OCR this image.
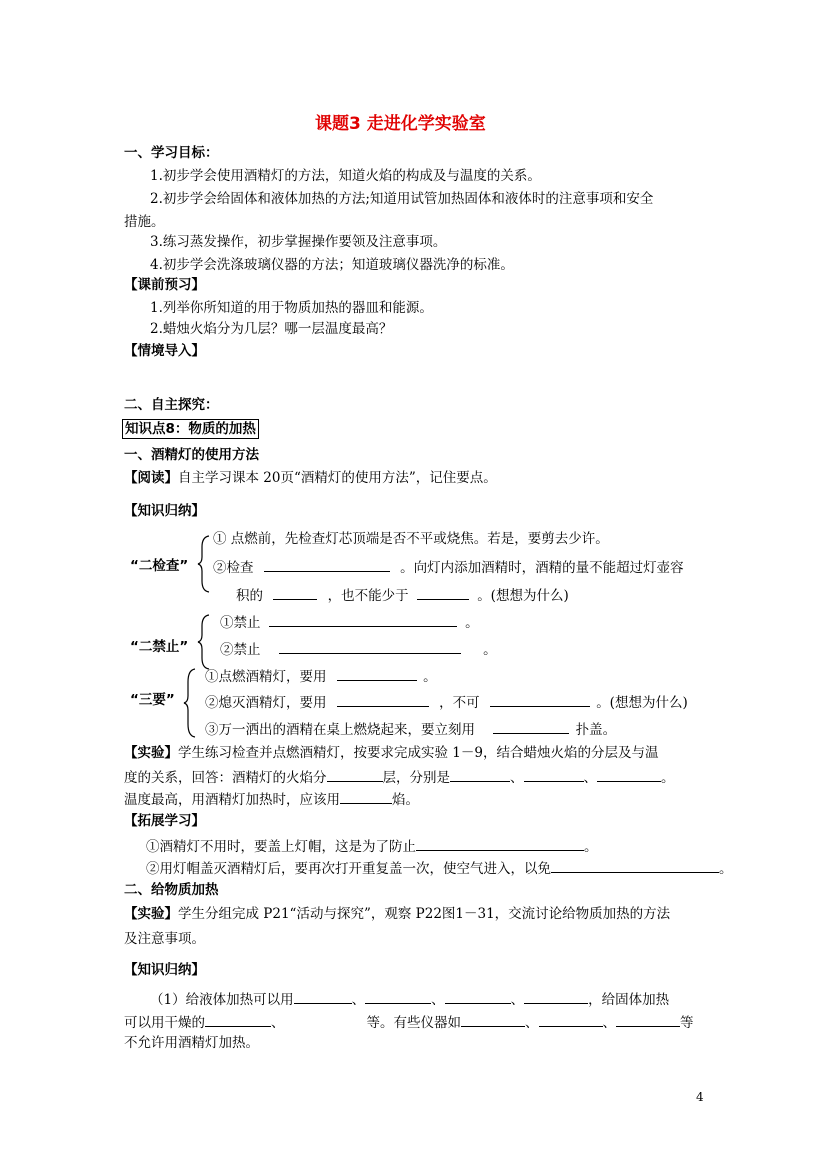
课题3 走进化学实验室
一、学习目标：
1.初步学会使用酒精灯的方法，知道火焰的构成及与温度的关系。
2.初步学会给固体和液体加热的方法;知道用试管加热固体和液体时的注意事项和安全
措施。
3.练习蒸发操作，初步掌握操作要领及注意事项。
4.初步学会洗涤玻璃仪器的方法；知道玻璃仪器洗净的标准。
【课前预习】
1.列举你所知道的用于物质加热的器皿和能源。
2.蜡烛火焰分为几层？哪一层温度最高？
【情境导入】
二、自主探究：
知识点8：物质的加热
一、酒精灯的使用方法
【阅读】自主学习课本 20页“酒精灯的使用方法”，记住要点。
【知识归纳】
“二检查”
① 点燃前，先检查灯芯顶端是否不平或烧焦。若是，要剪去少许。
②检查	。向灯内添加酒精时，酒精的量不能超过灯壶容
积的	，也不能少于	。(想想为什么)
“二禁止”
①禁止	。
②禁止	。
“三要”
①点燃酒精灯，要用	。
②熄灭酒精灯，要用	，不可	。(想想为什么)
③万一洒出的酒精在桌上燃烧起来，要立刻用	扑盖。
【实验】学生练习检查并点燃酒精灯，按要求完成实验 1－9，结合蜡烛火焰的分层及与温
度的关系，回答：酒精灯的火焰分	层，分别是	、	、	。
温度最高，用酒精灯加热时，应该用	焰。
【拓展学习】
①酒精灯不用时，要盖上灯帽，这是为了防止	。
②用灯帽盖灭酒精灯后，要再次打开重复盖一次，使空气进入，以免	。
二、给物质加热
【实验】学生分组完成 P21“活动与探究”，观察 P22图1－31，交流讨论给物质加热的方法
及注意事项。
【知识归纳】
（1）给液体加热可以用	、	、	、	，给固体加热
可以用干燥的	、	等。有些仪器如	、	、	等
不允许用酒精灯加热。
4
